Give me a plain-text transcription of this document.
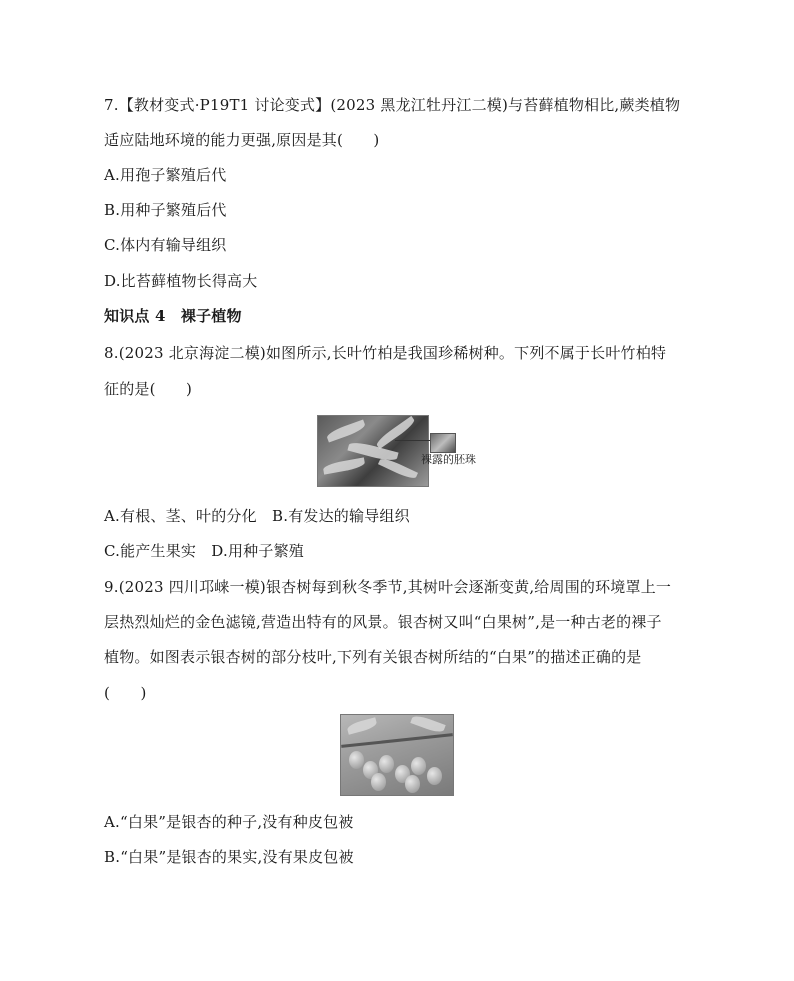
7.【教材变式·P19T1 讨论变式】(2023 黑龙江牡丹江二模)与苔藓植物相比,蕨类植物
适应陆地环境的能力更强,原因是其(　　)
A.用孢子繁殖后代
B.用种子繁殖后代
C.体内有输导组织
D.比苔藓植物长得高大
知识点 4　裸子植物
8.(2023 北京海淀二模)如图所示,长叶竹柏是我国珍稀树种。下列不属于长叶竹柏特
征的是(　　)
裸露的胚珠
A.有根、茎、叶的分化　B.有发达的输导组织
C.能产生果实　D.用种子繁殖
9.(2023 四川邛崃一模)银杏树每到秋冬季节,其树叶会逐渐变黄,给周围的环境罩上一
层热烈灿烂的金色滤镜,营造出特有的风景。银杏树又叫“白果树”,是一种古老的裸子
植物。如图表示银杏树的部分枝叶,下列有关银杏树所结的“白果”的描述正确的是
(　　)
A.“白果”是银杏的种子,没有种皮包被
B.“白果”是银杏的果实,没有果皮包被
